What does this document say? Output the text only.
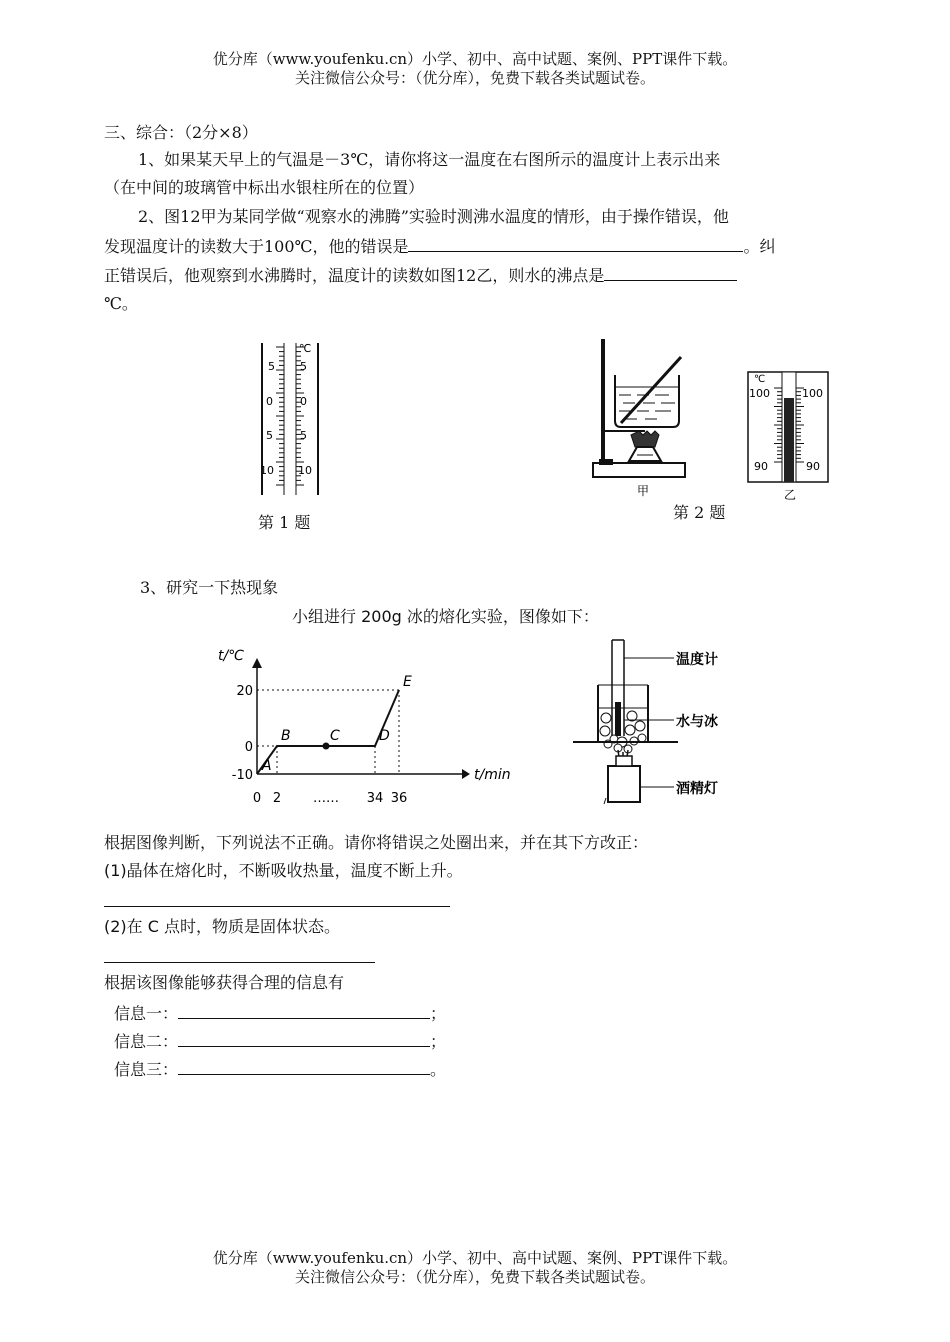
优分库（www.youfenku.cn）小学、初中、高中试题、案例、PPT课件下载。
关注微信公众号：（优分库），免费下载各类试题试卷。
三、综合：（2分×8）
1、如果某天早上的气温是－3℃，请你将这一温度在右图所示的温度计上表示出来
（在中间的玻璃管中标出水银柱所在的位置）
2、图12甲为某同学做“观察水的沸腾”实验时测沸水温度的情形，由于操作错误，他
发现温度计的读数大于100℃，他的错误是	。纠
正错误后，他观察到水沸腾时，温度计的读数如图12乙，则水的沸点是
℃。
℃
5
0
5
10
5
0
5
10
第 1 题
甲
℃
100
90
100
90
乙
第 2 题
3、研究一下热现象
小组进行 200g 冰的熔化实验，图像如下：
t/℃
t/min
A
B	C	D
E
20
0
-10
0 2 …… 34 36
温度计
水与冰
酒精灯
根据图像判断，下列说法不正确。请你将错误之处圈出来，并在其下方改正：
(1)晶体在熔化时，不断吸收热量，温度不断上升。
(2)在 C 点时，物质是固体状态。
根据该图像能够获得合理的信息有
信息一：	；
信息二：	；
信息三：	。
优分库（www.youfenku.cn）小学、初中、高中试题、案例、PPT课件下载。
关注微信公众号：（优分库），免费下载各类试题试卷。
